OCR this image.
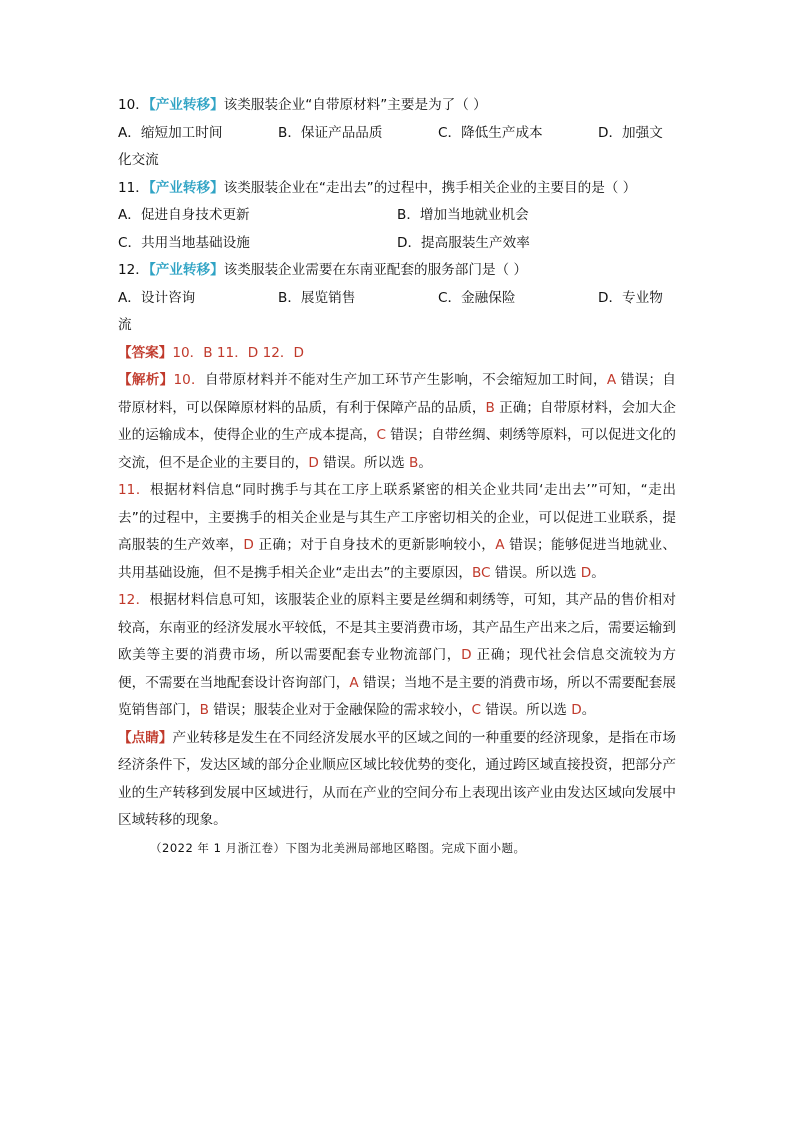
10．【产业转移】该类服装企业“自带原材料”主要是为了（ ）
A．缩短加工时间	B．保证产品品质	C．降低生产成本	D．加强文
化交流
11．【产业转移】该类服装企业在“走出去”的过程中，携手相关企业的主要目的是（ ）
A．促进自身技术更新	B．增加当地就业机会
C．共用当地基础设施	D．提高服装生产效率
12．【产业转移】该类服装企业需要在东南亚配套的服务部门是（ ）
A．设计咨询	B．展览销售	C．金融保险	D．专业物
流
【答案】10．B 11．D 12．D
【解析】10．自带原材料并不能对生产加工环节产生影响，不会缩短加工时间，A 错误；自带原材料，可以保障原材料的品质，有利于保障产品的品质，B 正确；自带原材料，会加大企业的运输成本，使得企业的生产成本提高，C 错误；自带丝绸、刺绣等原料，可以促进文化的交流，但不是企业的主要目的，D 错误。所以选 B。
11．根据材料信息“同时携手与其在工序上联系紧密的相关企业共同‘走出去’”可知，“走出去”的过程中，主要携手的相关企业是与其生产工序密切相关的企业，可以促进工业联系，提高服装的生产效率，D 正确；对于自身技术的更新影响较小，A 错误；能够促进当地就业、共用基础设施，但不是携手相关企业“走出去”的主要原因，BC 错误。所以选 D。
12．根据材料信息可知，该服装企业的原料主要是丝绸和刺绣等，可知，其产品的售价相对较高，东南亚的经济发展水平较低，不是其主要消费市场，其产品生产出来之后，需要运输到欧美等主要的消费市场，所以需要配套专业物流部门，D 正确；现代社会信息交流较为方便，不需要在当地配套设计咨询部门，A 错误；当地不是主要的消费市场，所以不需要配套展览销售部门，B 错误；服装企业对于金融保险的需求较小，C 错误。所以选 D。
【点睛】产业转移是发生在不同经济发展水平的区域之间的一种重要的经济现象，是指在市场经济条件下，发达区域的部分企业顺应区域比较优势的变化，通过跨区域直接投资，把部分产业的生产转移到发展中区域进行，从而在产业的空间分布上表现出该产业由发达区域向发展中区域转移的现象。
（2022 年 1 月浙江卷）下图为北美洲局部地区略图。完成下面小题。
